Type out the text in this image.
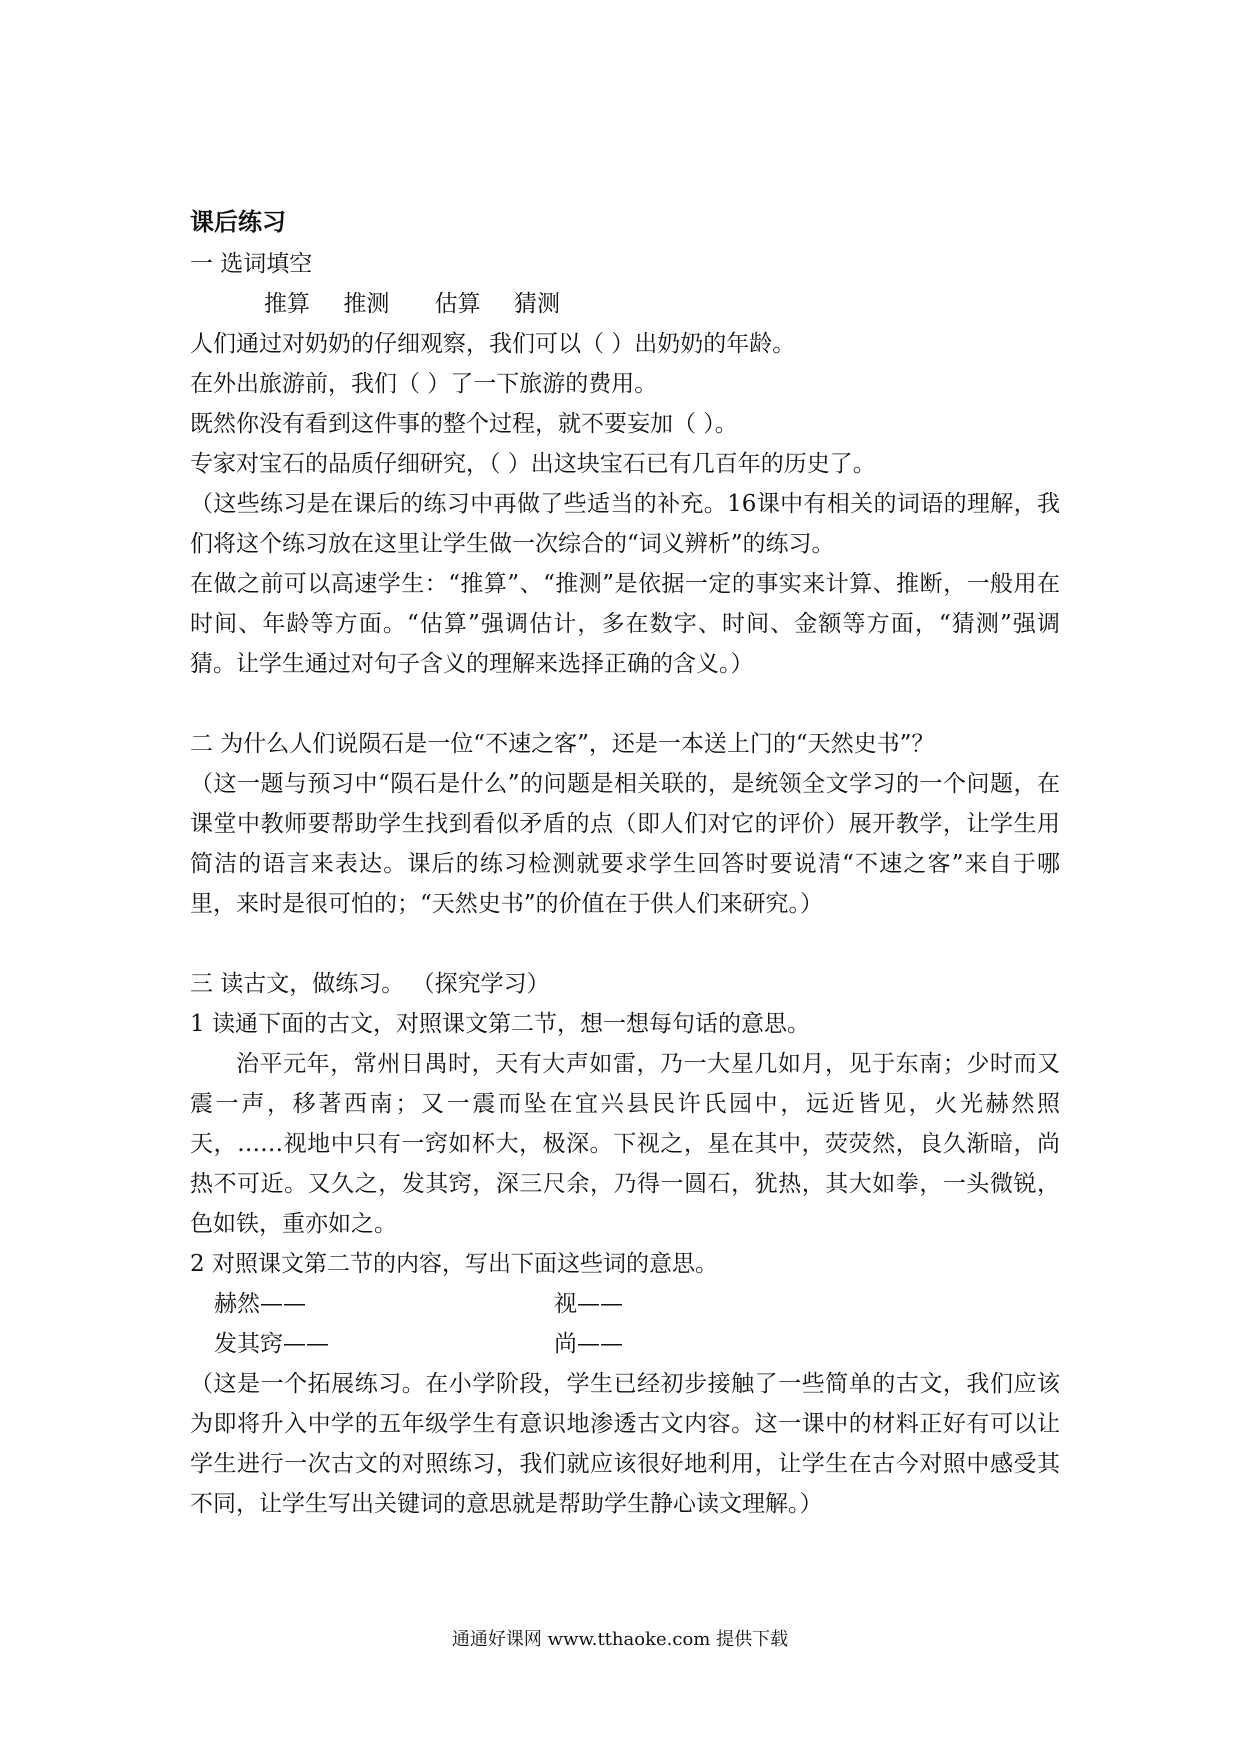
课后练习

一 选词填空

推算 推测 估算 猜测

人们通过对奶奶的仔细观察，我们可以（ ）出奶奶的年龄。

在外出旅游前，我们（ ）了一下旅游的费用。

既然你没有看到这件事的整个过程，就不要妄加（ ）。

专家对宝石的品质仔细研究，（ ）出这块宝石已有几百年的历史了。

（这些练习是在课后的练习中再做了些适当的补充。16课中有相关的词语的理解，我们将这个练习放在这里让学生做一次综合的“词义辨析”的练习。

在做之前可以高速学生：“推算”、“推测”是依据一定的事实来计算、推断，一般用在时间、年龄等方面。“估算”强调估计，多在数字、时间、金额等方面，“猜测”强调猜。让学生通过对句子含义的理解来选择正确的含义。）

二 为什么人们说陨石是一位“不速之客”，还是一本送上门的“天然史书”？

（这一题与预习中“陨石是什么”的问题是相关联的，是统领全文学习的一个问题，在课堂中教师要帮助学生找到看似矛盾的点（即人们对它的评价）展开教学，让学生用简洁的语言来表达。课后的练习检测就要求学生回答时要说清“不速之客”来自于哪里，来时是很可怕的；“天然史书”的价值在于供人们来研究。）

三 读古文，做练习。 （探究学习）

1 读通下面的古文，对照课文第二节，想一想每句话的意思。

治平元年，常州日禺时，天有大声如雷，乃一大星几如月，见于东南；少时而又震一声，移著西南；又一震而坠在宜兴县民许氏园中，远近皆见，火光赫然照天，……视地中只有一窍如杯大，极深。下视之，星在其中，荧荧然，良久渐暗，尚热不可近。又久之，发其窍，深三尺余，乃得一圆石，犹热，其大如拳，一头微锐，色如铁，重亦如之。

2 对照课文第二节的内容，写出下面这些词的意思。

赫然——	视——
发其窍——	尚——

（这是一个拓展练习。在小学阶段，学生已经初步接触了一些简单的古文，我们应该为即将升入中学的五年级学生有意识地渗透古文内容。这一课中的材料正好有可以让学生进行一次古文的对照练习，我们就应该很好地利用，让学生在古今对照中感受其不同，让学生写出关键词的意思就是帮助学生静心读文理解。）

通通好课网 www.tthaoke.com 提供下载
